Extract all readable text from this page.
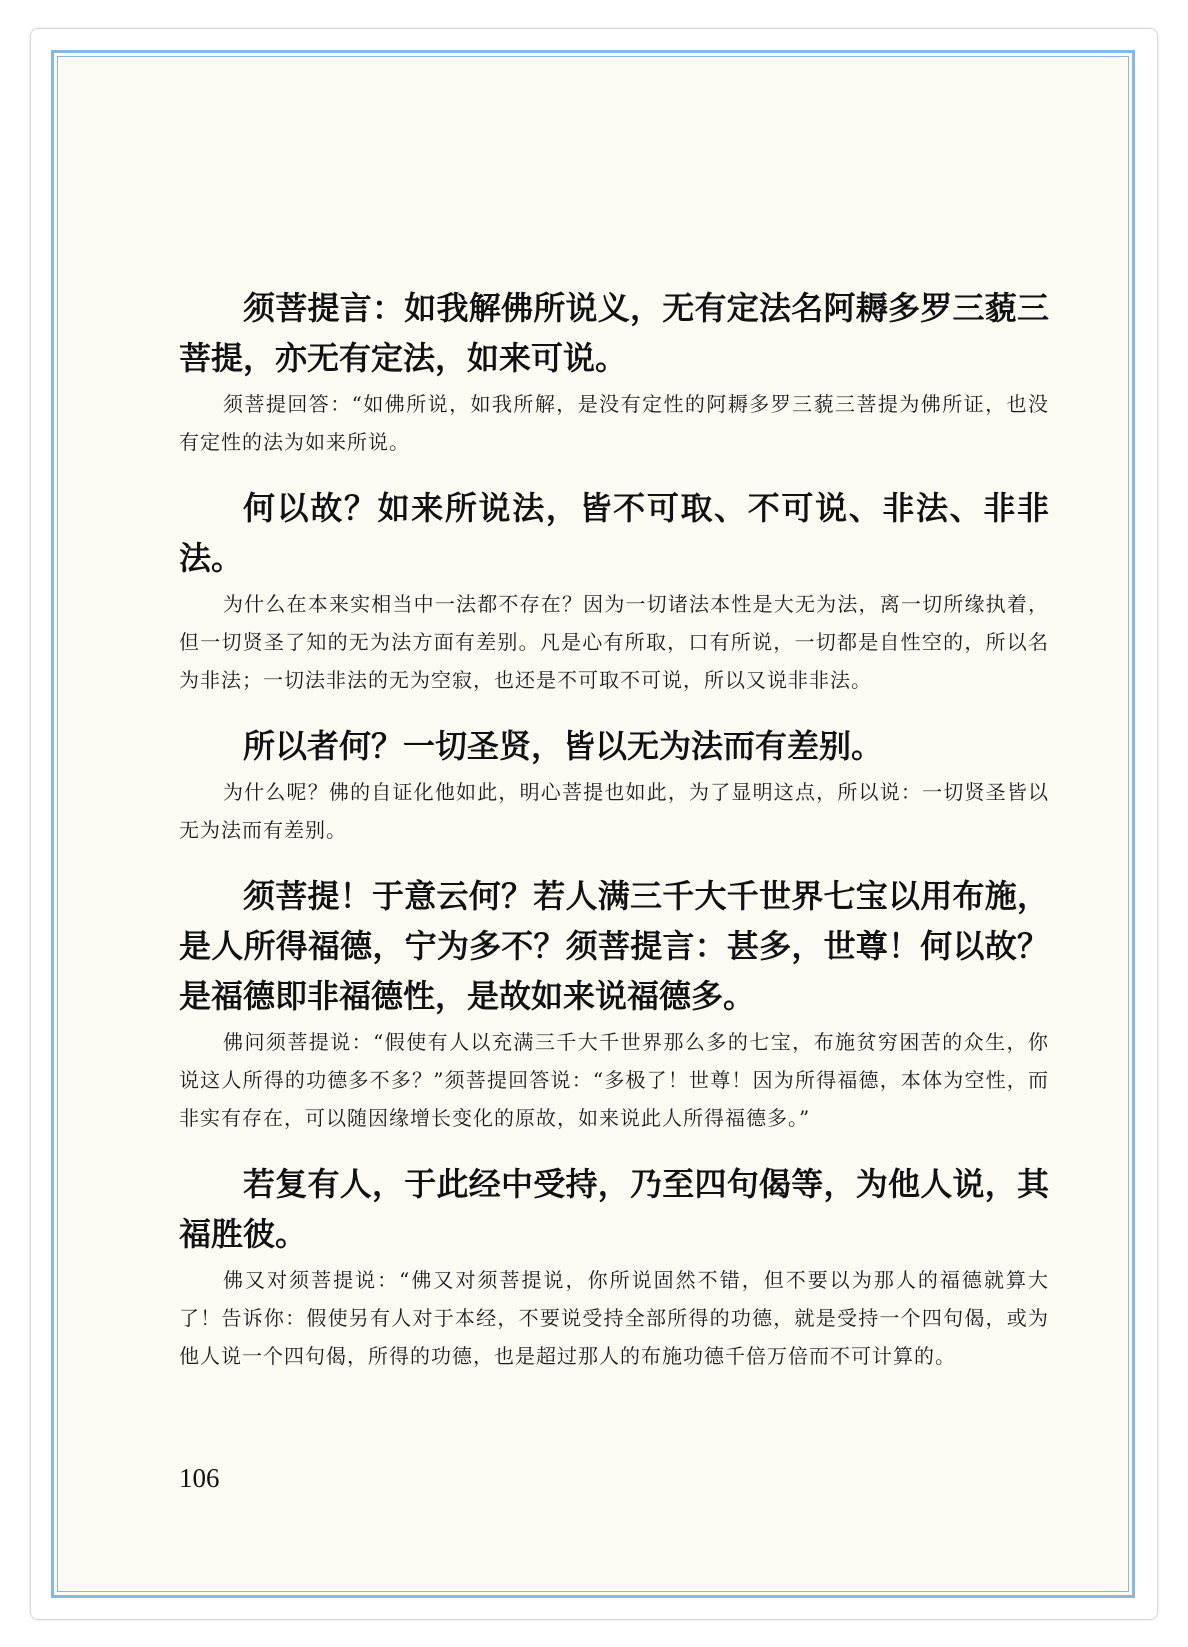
须菩提言：如我解佛所说义，无有定法名阿耨多罗三藐三菩提，亦无有定法，如来可说。

须菩提回答：“如佛所说，如我所解，是没有定性的阿耨多罗三藐三菩提为佛所证，也没有定性的法为如来所说。

何以故？如来所说法，皆不可取、不可说、非法、非非法。

为什么在本来实相当中一法都不存在？因为一切诸法本性是大无为法，离一切所缘执着，但一切贤圣了知的无为法方面有差别。凡是心有所取，口有所说，一切都是自性空的，所以名为非法；一切法非法的无为空寂，也还是不可取不可说，所以又说非非法。

所以者何？一切圣贤，皆以无为法而有差别。

为什么呢？佛的自证化他如此，明心菩提也如此，为了显明这点，所以说：一切贤圣皆以无为法而有差别。

须菩提！于意云何？若人满三千大千世界七宝以用布施，是人所得福德，宁为多不？须菩提言：甚多，世尊！何以故？是福德即非福德性，是故如来说福德多。

佛问须菩提说：“假使有人以充满三千大千世界那么多的七宝，布施贫穷困苦的众生，你说这人所得的功德多不多？”须菩提回答说：“多极了！世尊！因为所得福德，本体为空性，而非实有存在，可以随因缘增长变化的原故，如来说此人所得福德多。”

若复有人，于此经中受持，乃至四句偈等，为他人说，其福胜彼。

佛又对须菩提说：“佛又对须菩提说，你所说固然不错，但不要以为那人的福德就算大了！告诉你：假使另有人对于本经，不要说受持全部所得的功德，就是受持一个四句偈，或为他人说一个四句偈，所得的功德，也是超过那人的布施功德千倍万倍而不可计算的。

106
